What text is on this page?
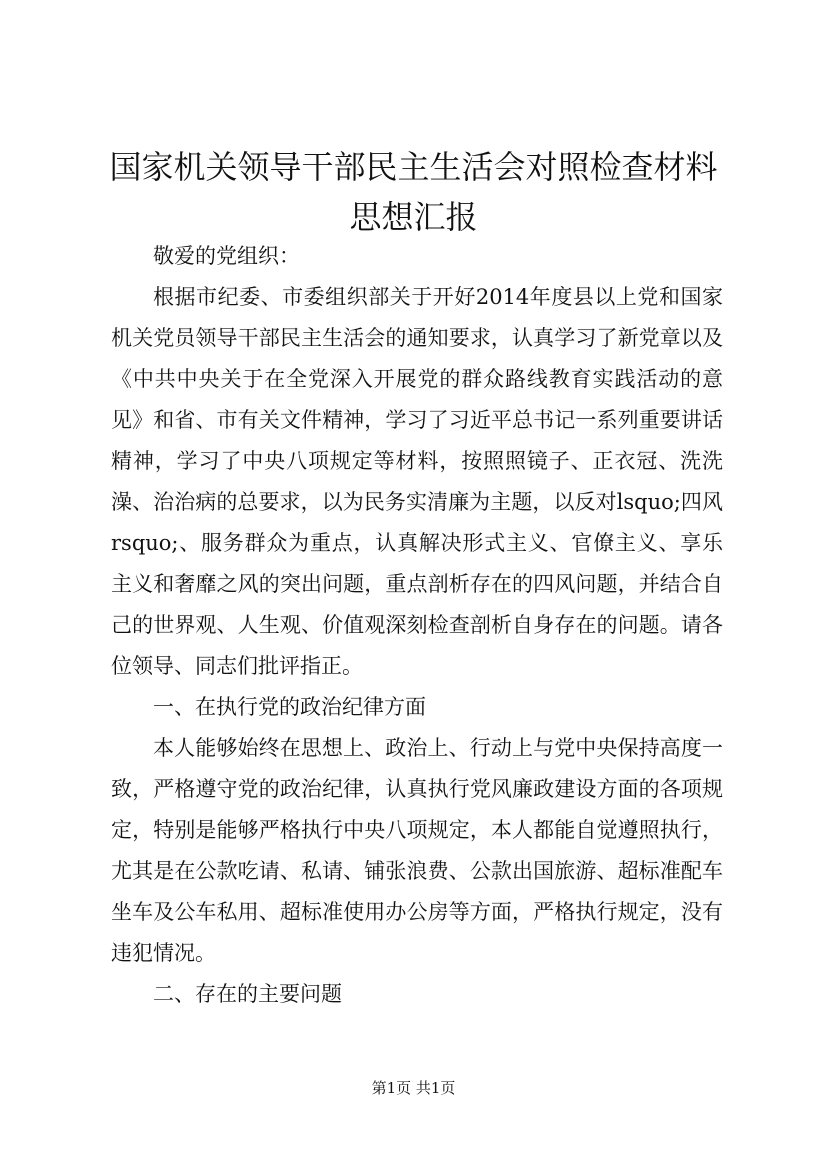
国家机关领导干部民主生活会对照检查材料思想汇报

敬爱的党组织：

根据市纪委、市委组织部关于开好2014年度县以上党和国家机关党员领导干部民主生活会的通知要求，认真学习了新党章以及《中共中央关于在全党深入开展党的群众路线教育实践活动的意见》和省、市有关文件精神，学习了习近平总书记一系列重要讲话精神，学习了中央八项规定等材料，按照照镜子、正衣冠、洗洗澡、治治病的总要求，以为民务实清廉为主题，以反对lsquo;四风rsquo;、服务群众为重点，认真解决形式主义、官僚主义、享乐主义和奢靡之风的突出问题，重点剖析存在的四风问题，并结合自己的世界观、人生观、价值观深刻检查剖析自身存在的问题。请各位领导、同志们批评指正。

一、在执行党的政治纪律方面

本人能够始终在思想上、政治上、行动上与党中央保持高度一致，严格遵守党的政治纪律，认真执行党风廉政建设方面的各项规定，特别是能够严格执行中央八项规定，本人都能自觉遵照执行，尤其是在公款吃请、私请、铺张浪费、公款出国旅游、超标准配车坐车及公车私用、超标准使用办公房等方面，严格执行规定，没有违犯情况。

二、存在的主要问题

第1页 共1页
